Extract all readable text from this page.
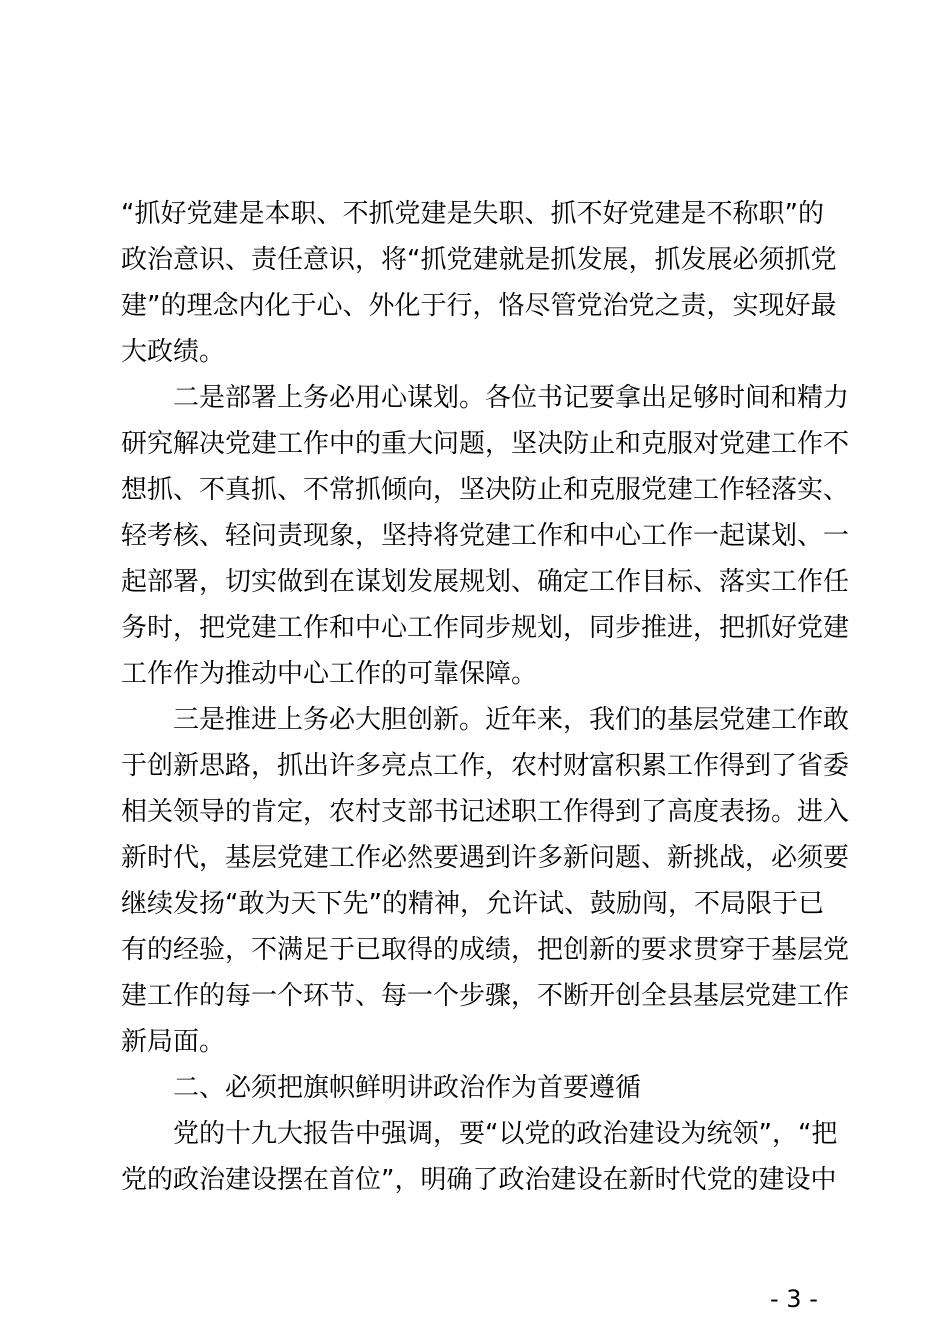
“抓好党建是本职、不抓党建是失职、抓不好党建是不称职”的
政治意识、责任意识，将“抓党建就是抓发展，抓发展必须抓党
建”的理念内化于心、外化于行，恪尽管党治党之责，实现好最
大政绩。
二是部署上务必用心谋划。各位书记要拿出足够时间和精力
研究解决党建工作中的重大问题，坚决防止和克服对党建工作不
想抓、不真抓、不常抓倾向，坚决防止和克服党建工作轻落实、
轻考核、轻问责现象，坚持将党建工作和中心工作一起谋划、一
起部署，切实做到在谋划发展规划、确定工作目标、落实工作任
务时，把党建工作和中心工作同步规划，同步推进，把抓好党建
工作作为推动中心工作的可靠保障。
三是推进上务必大胆创新。近年来，我们的基层党建工作敢
于创新思路，抓出许多亮点工作，农村财富积累工作得到了省委
相关领导的肯定，农村支部书记述职工作得到了高度表扬。进入
新时代，基层党建工作必然要遇到许多新问题、新挑战，必须要
继续发扬“敢为天下先”的精神，允许试、鼓励闯，不局限于已
有的经验，不满足于已取得的成绩，把创新的要求贯穿于基层党
建工作的每一个环节、每一个步骤，不断开创全县基层党建工作
新局面。
二、必须把旗帜鲜明讲政治作为首要遵循
党的十九大报告中强调，要“以党的政治建设为统领”，“把
党的政治建设摆在首位”，明确了政治建设在新时代党的建设中
- 3 -
